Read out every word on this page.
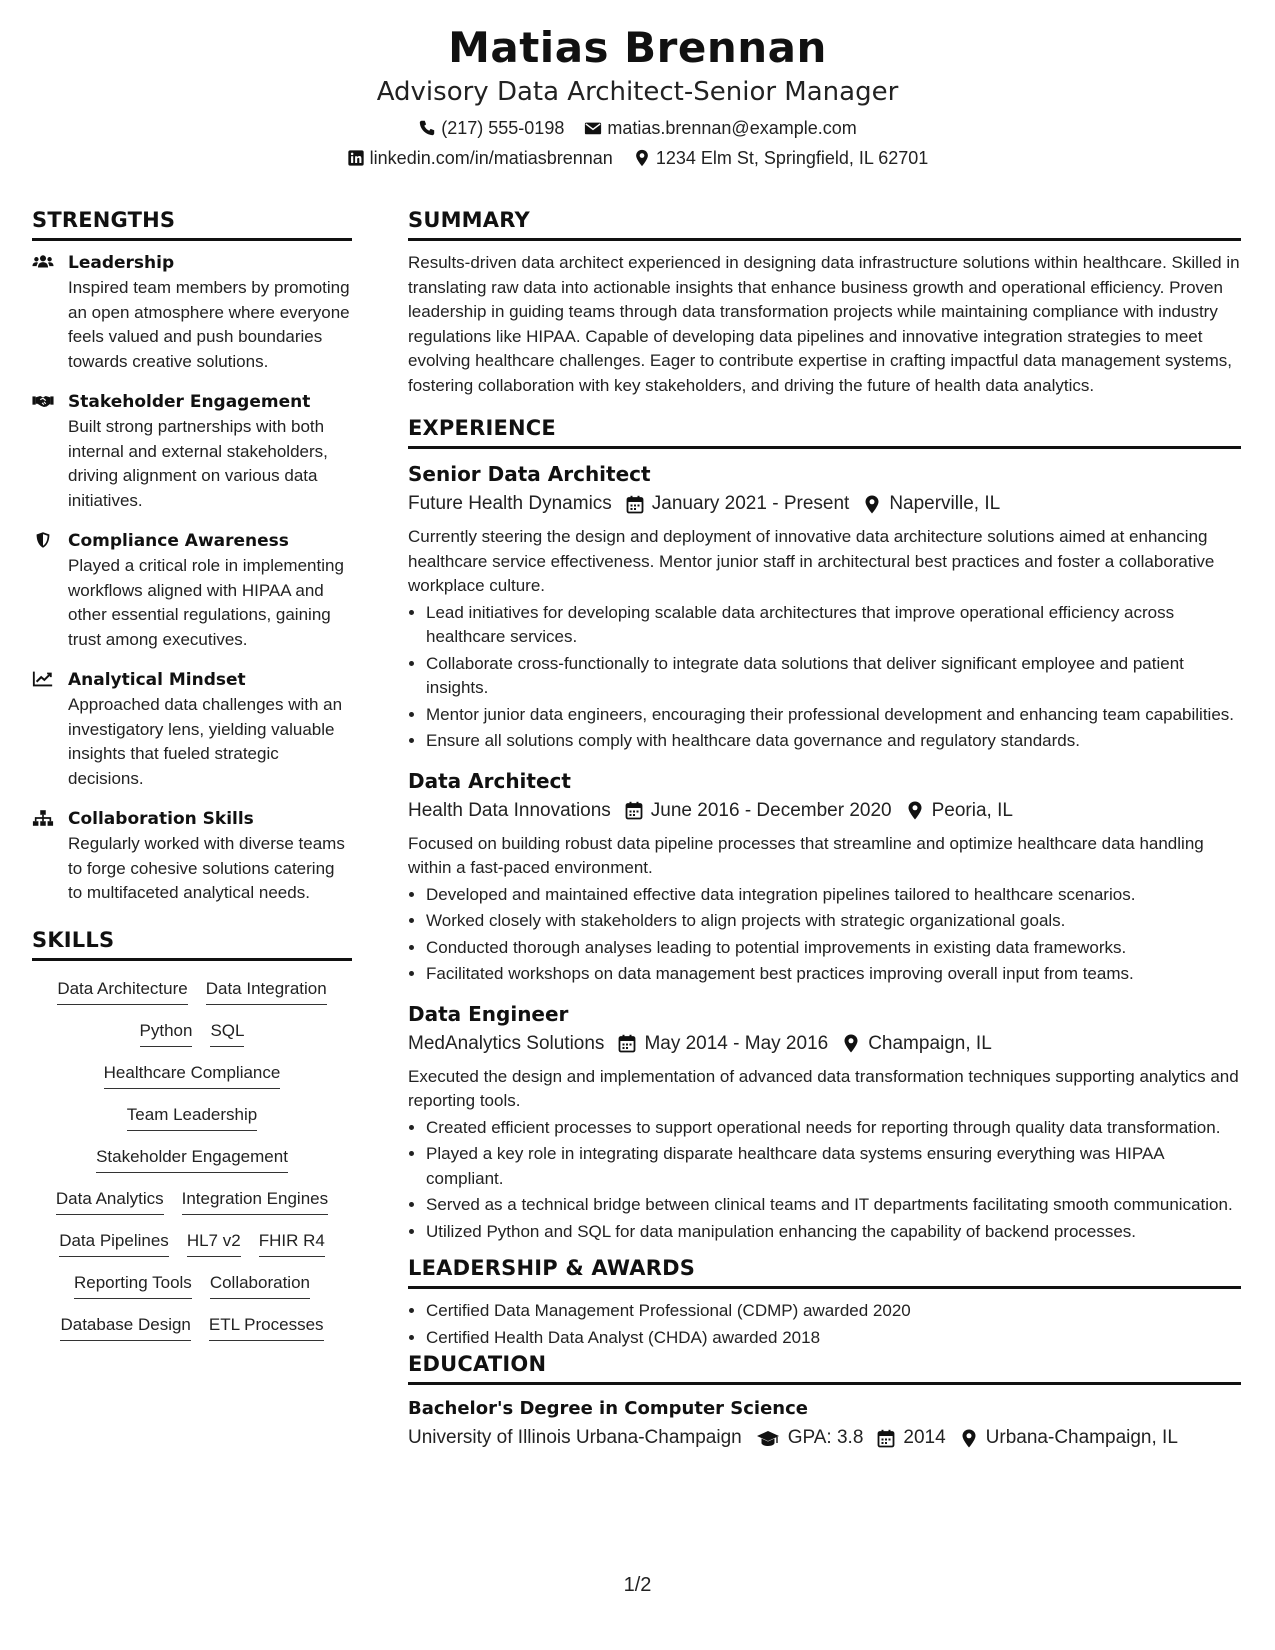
Matias Brennan
Advisory Data Architect-Senior Manager
(217) 555-0198 matias.brennan@example.com
linkedin.com/in/matiasbrennan 1234 Elm St, Springfield, IL 62701
STRENGTHS
Leadership
Inspired team members by promoting an open atmosphere where everyone feels valued and push boundaries towards creative solutions.
Stakeholder Engagement
Built strong partnerships with both internal and external stakeholders, driving alignment on various data initiatives.
Compliance Awareness
Played a critical role in implementing workflows aligned with HIPAA and other essential regulations, gaining trust among executives.
Analytical Mindset
Approached data challenges with an investigatory lens, yielding valuable insights that fueled strategic decisions.
Collaboration Skills
Regularly worked with diverse teams to forge cohesive solutions catering to multifaceted analytical needs.
SKILLS
Data Architecture Data Integration
Python SQL
Healthcare Compliance
Team Leadership
Stakeholder Engagement
Data Analytics Integration Engines
Data Pipelines HL7 v2 FHIR R4
Reporting Tools Collaboration
Database Design ETL Processes
SUMMARY
Results-driven data architect experienced in designing data infrastructure solutions within healthcare. Skilled in translating raw data into actionable insights that enhance business growth and operational efficiency. Proven leadership in guiding teams through data transformation projects while maintaining compliance with industry regulations like HIPAA. Capable of developing data pipelines and innovative integration strategies to meet evolving healthcare challenges. Eager to contribute expertise in crafting impactful data management systems, fostering collaboration with key stakeholders, and driving the future of health data analytics.
EXPERIENCE
Senior Data Architect
Future Health Dynamics January 2021 - Present Naperville, IL
Currently steering the design and deployment of innovative data architecture solutions aimed at enhancing healthcare service effectiveness. Mentor junior staff in architectural best practices and foster a collaborative workplace culture.
• Lead initiatives for developing scalable data architectures that improve operational efficiency across healthcare services.
• Collaborate cross-functionally to integrate data solutions that deliver significant employee and patient insights.
• Mentor junior data engineers, encouraging their professional development and enhancing team capabilities.
• Ensure all solutions comply with healthcare data governance and regulatory standards.
Data Architect
Health Data Innovations June 2016 - December 2020 Peoria, IL
Focused on building robust data pipeline processes that streamline and optimize healthcare data handling within a fast-paced environment.
• Developed and maintained effective data integration pipelines tailored to healthcare scenarios.
• Worked closely with stakeholders to align projects with strategic organizational goals.
• Conducted thorough analyses leading to potential improvements in existing data frameworks.
• Facilitated workshops on data management best practices improving overall input from teams.
Data Engineer
MedAnalytics Solutions May 2014 - May 2016 Champaign, IL
Executed the design and implementation of advanced data transformation techniques supporting analytics and reporting tools.
• Created efficient processes to support operational needs for reporting through quality data transformation.
• Played a key role in integrating disparate healthcare data systems ensuring everything was HIPAA compliant.
• Served as a technical bridge between clinical teams and IT departments facilitating smooth communication.
• Utilized Python and SQL for data manipulation enhancing the capability of backend processes.
LEADERSHIP & AWARDS
• Certified Data Management Professional (CDMP) awarded 2020
• Certified Health Data Analyst (CHDA) awarded 2018
EDUCATION
Bachelor's Degree in Computer Science
University of Illinois Urbana-Champaign GPA: 3.8 2014 Urbana-Champaign, IL
1/2
